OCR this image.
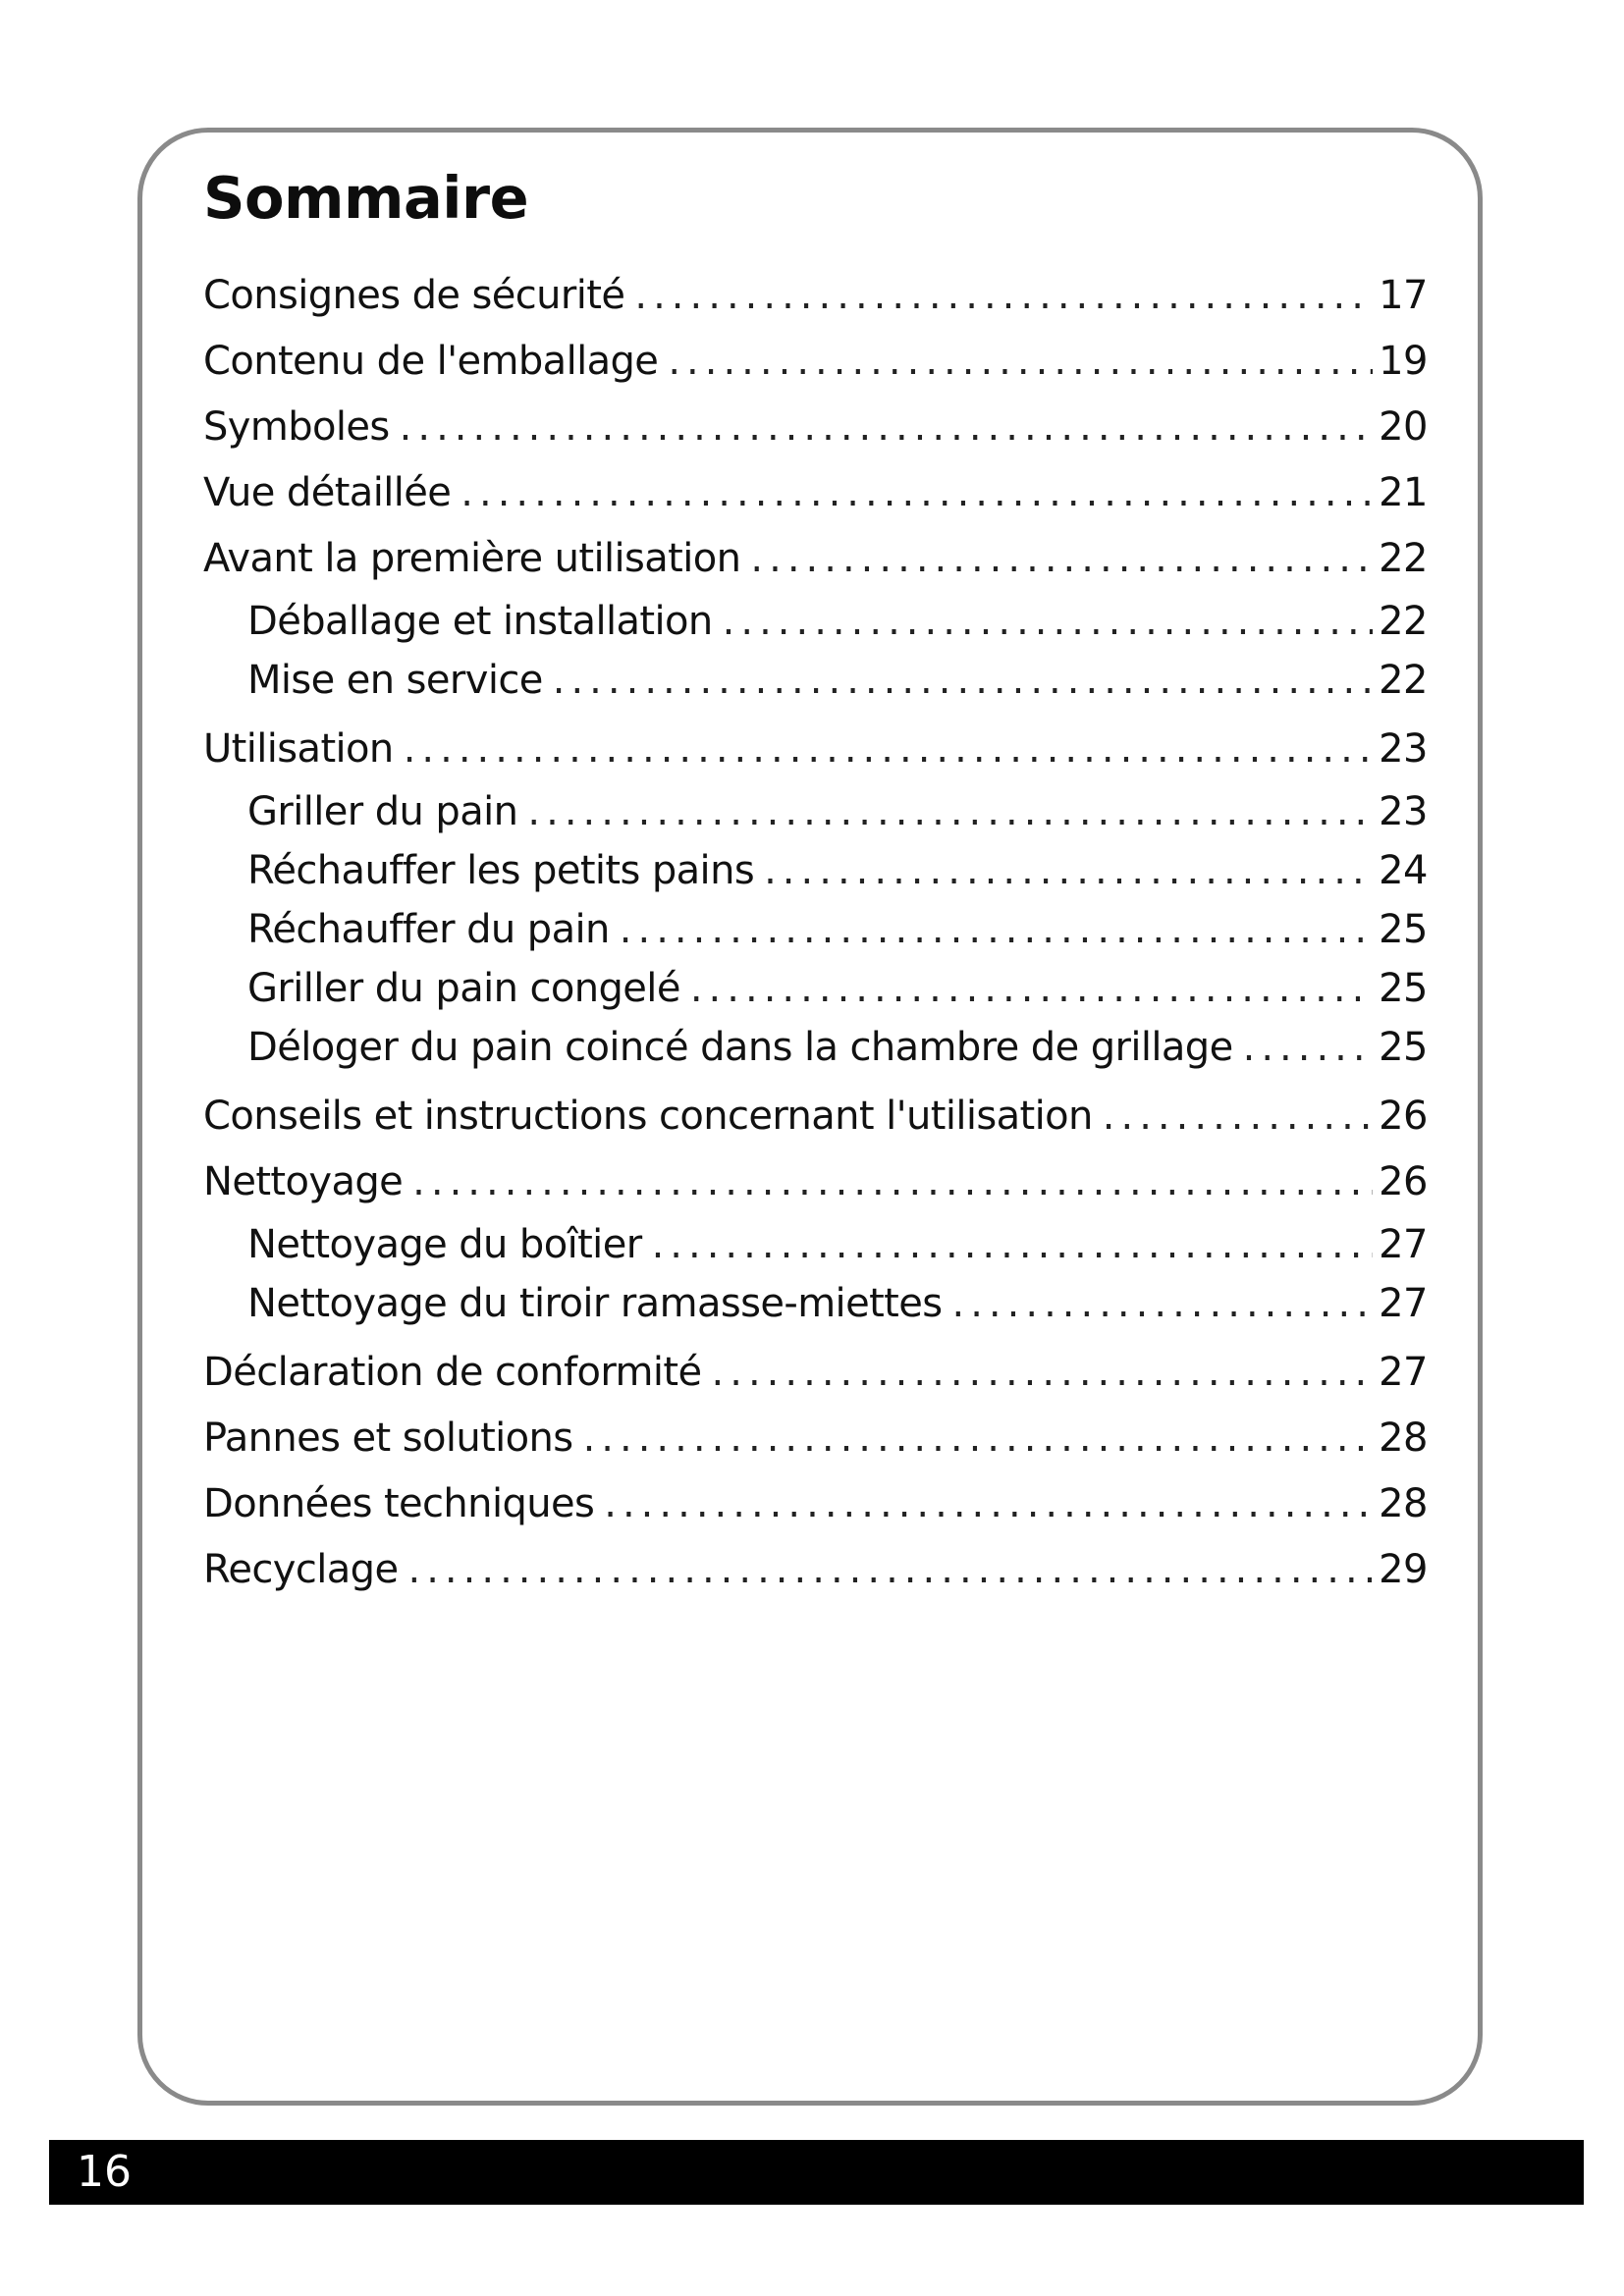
Sommaire
Consignes de sécurité .....	17
Contenu de l'emballage .....	19
Symboles .....	20
Vue détaillée .....	21
Avant la première utilisation .....	22
Déballage et installation .....	22
Mise en service .....	22
Utilisation .....	23
Griller du pain .....	23
Réchauffer les petits pains .....	24
Réchauffer du pain .....	25
Griller du pain congelé .....	25
Déloger du pain coincé dans la chambre de grillage .....	25
Conseils et instructions concernant l'utilisation .....	26
Nettoyage .....	26
Nettoyage du boîtier .....	27
Nettoyage du tiroir ramasse-miettes .....	27
Déclaration de conformité .....	27
Pannes et solutions .....	28
Données techniques .....	28
Recyclage .....	29
16
